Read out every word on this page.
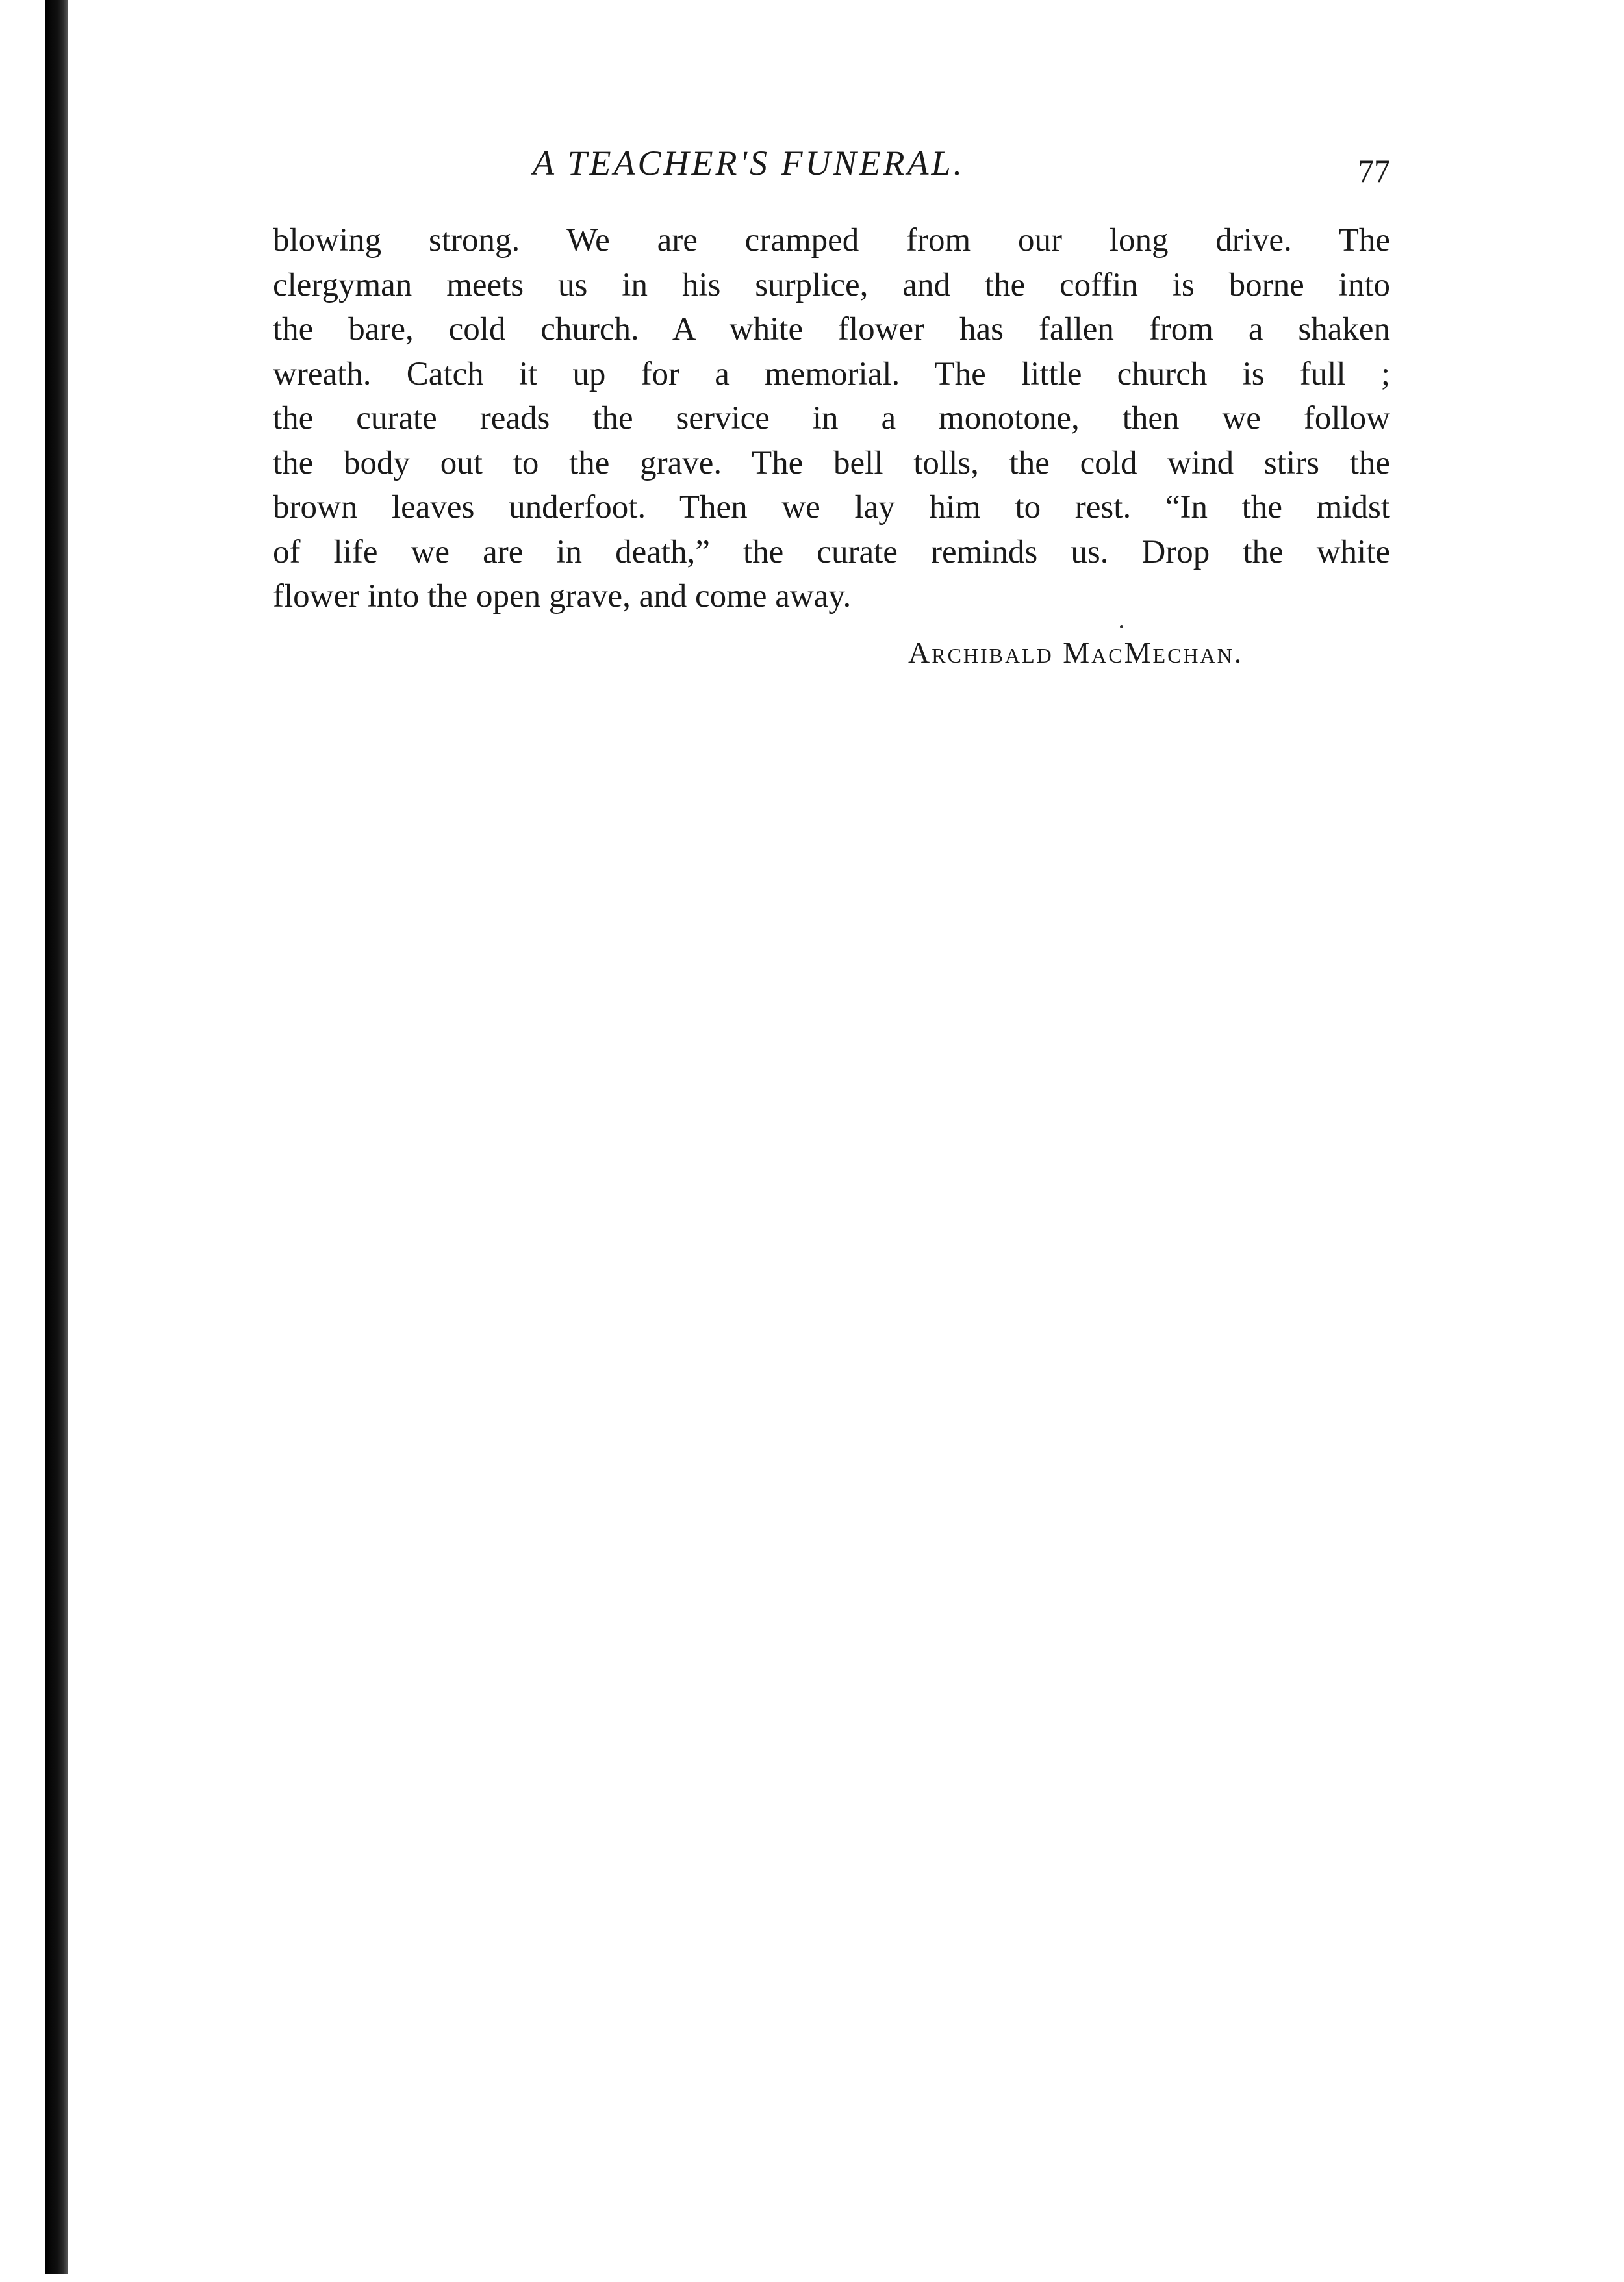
A TEACHER'S FUNERAL.	77
blowing strong. We are cramped from our long drive. The
clergyman meets us in his surplice, and the coffin is borne into
the bare, cold church. A white flower has fallen from a shaken
wreath. Catch it up for a memorial. The little church is full ;
the curate reads the service in a monotone, then we follow
the body out to the grave. The bell tolls, the cold wind stirs the
brown leaves underfoot. Then we lay him to rest. “In the midst
of life we are in death,” the curate reminds us. Drop the white
flower into the open grave, and come away.
Archibald MacMechan.
